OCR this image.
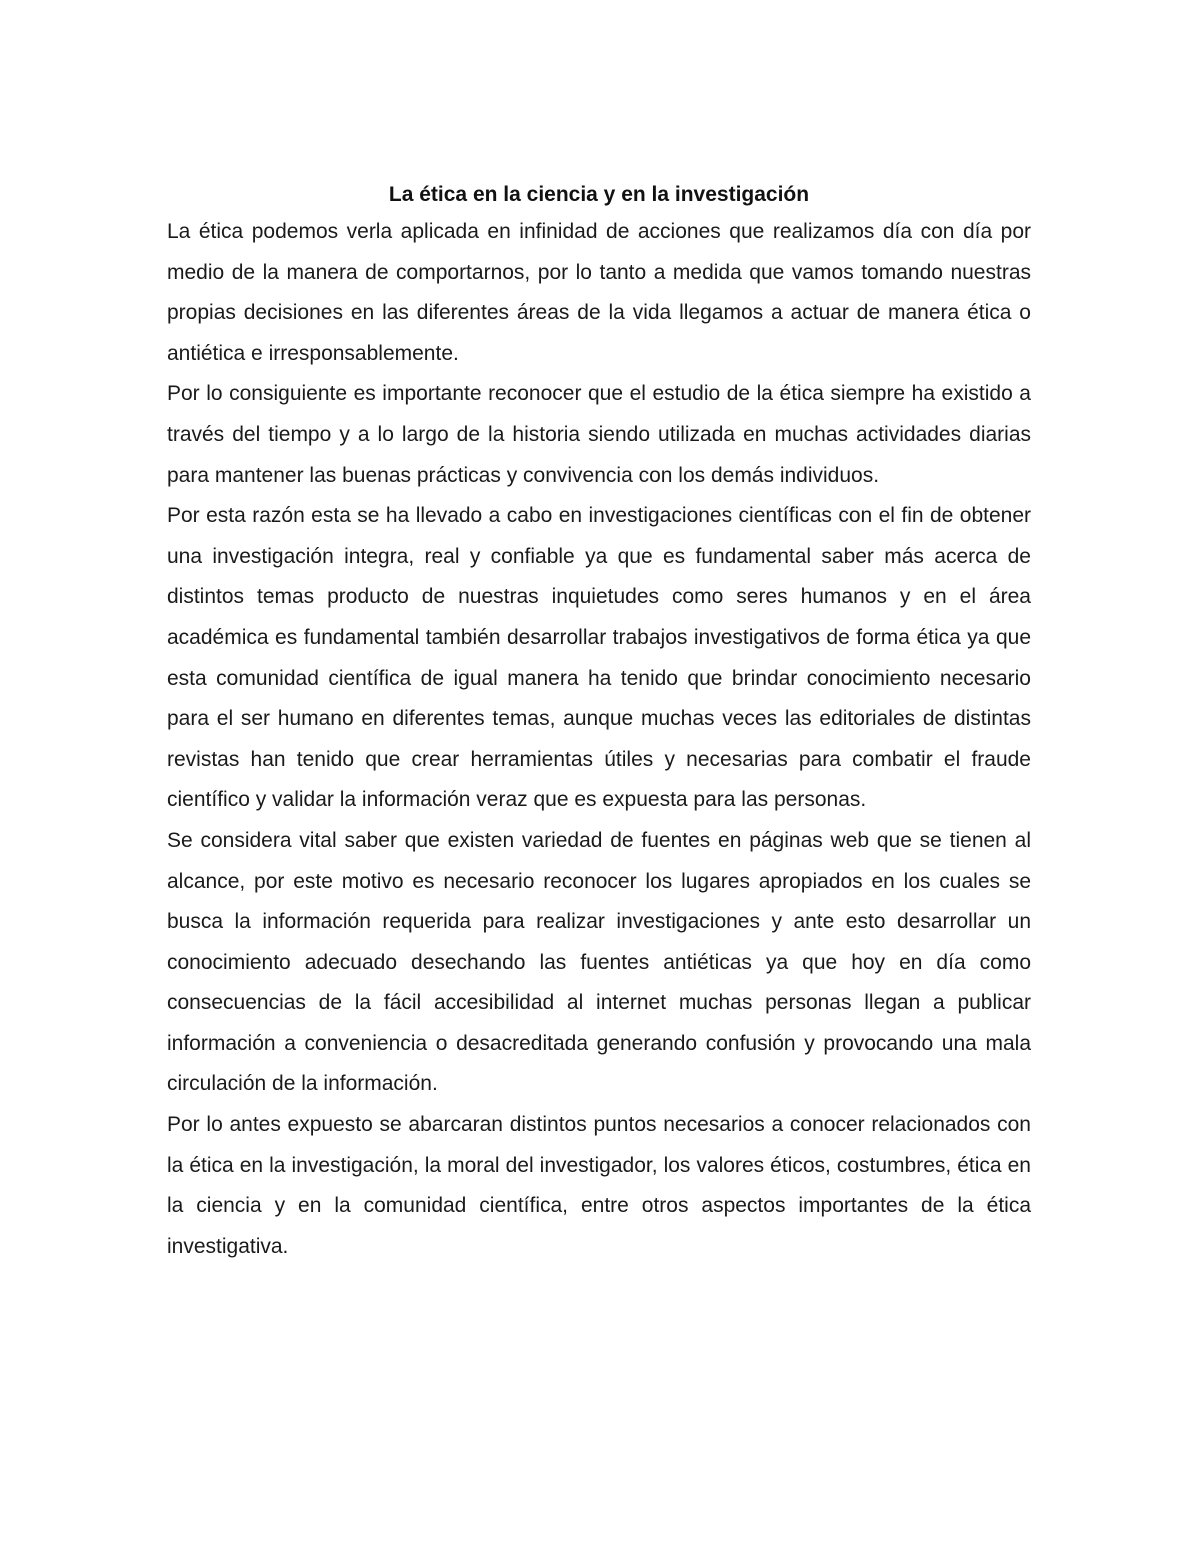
La ética en la ciencia y en la investigación

La ética podemos verla aplicada en infinidad de acciones que realizamos día con día por medio de la manera de comportarnos, por lo tanto a medida que vamos tomando nuestras propias decisiones en las diferentes áreas de la vida llegamos a actuar de manera ética o antiética e irresponsablemente.

Por lo consiguiente es importante reconocer que el estudio de la ética siempre ha existido a través del tiempo y a lo largo de la historia siendo utilizada en muchas actividades diarias para mantener las buenas prácticas y convivencia con los demás individuos.

Por esta razón esta se ha llevado a cabo en investigaciones científicas con el fin de obtener una investigación integra, real y confiable ya que es fundamental saber más acerca de distintos temas producto de nuestras inquietudes como seres humanos y en el área académica es fundamental también desarrollar trabajos investigativos de forma ética ya que esta comunidad científica de igual manera ha tenido que brindar conocimiento necesario para el ser humano en diferentes temas, aunque muchas veces las editoriales de distintas  revistas han tenido que crear herramientas útiles y necesarias para combatir el fraude científico y validar la información veraz que es expuesta para las personas.

Se considera vital saber que existen variedad de fuentes en páginas web que se tienen al alcance, por este motivo es necesario reconocer los lugares apropiados en los cuales se busca la información requerida para realizar investigaciones y ante esto desarrollar un conocimiento adecuado desechando las fuentes antiéticas ya que hoy en día como consecuencias de la fácil accesibilidad al internet muchas personas llegan a publicar información a conveniencia o desacreditada generando confusión y provocando una mala circulación de la información.

Por lo antes expuesto se abarcaran distintos puntos necesarios a conocer relacionados con la ética en la investigación, la moral del investigador, los valores éticos, costumbres, ética en la ciencia y en la comunidad científica, entre otros aspectos importantes de la ética investigativa.
